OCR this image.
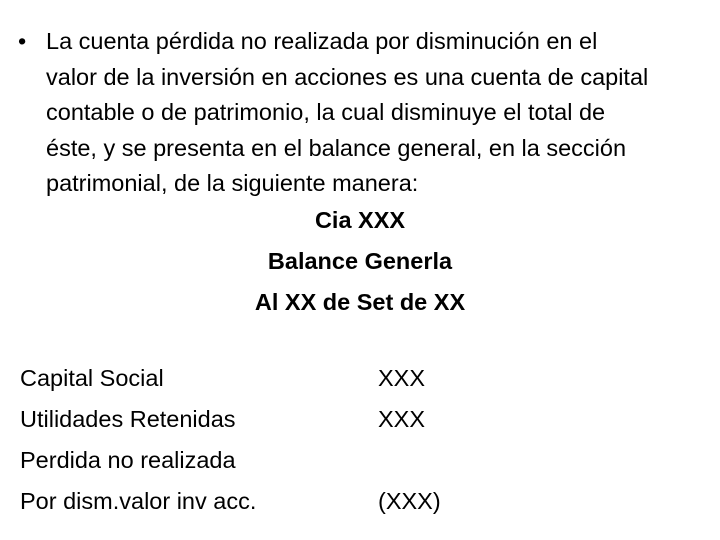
• La cuenta pérdida no realizada por disminución en el
valor de la inversión en acciones es una cuenta de capital
contable o de patrimonio, la cual disminuye el total de
éste, y se presenta en el balance general, en la sección
patrimonial, de la siguiente manera:
Cia XXX
Balance Generla
Al XX de Set de XX
Capital Social	XXX
Utilidades Retenidas	XXX
Perdida no realizada
Por dism.valor inv acc.	(XXX)
